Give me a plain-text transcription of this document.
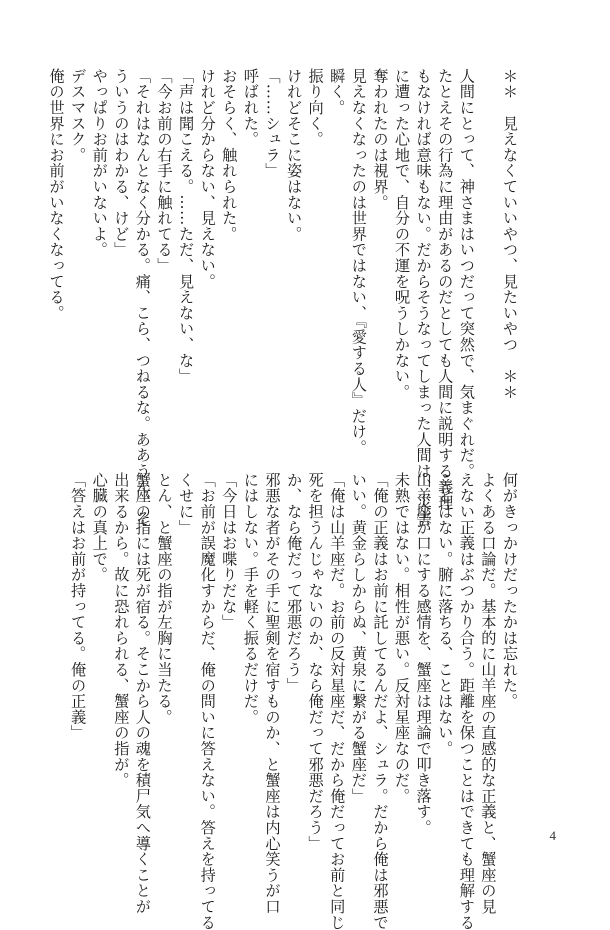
＊＊　見えなくていいやつ、見たいやつ　＊＊

人間にとって、神さまはいつだって突然で、気まぐれだ。
たとえその行為に理由があるのだとしても人間に説明する義理
もなければ意味もない。だからそうなってしまった人間は、災害
に遭った心地で、自分の不運を呪うしかない。
奪われたのは視界。
見えなくなったのは世界ではない、『愛する人』だけ。
瞬く。
振り向く。
けれどそこに姿はない。
「……シュラ」
呼ばれた。
おそらく、触れられた。
けれど分からない、見えない。
「声は聞こえる。……ただ、見えない、な」
「今お前の右手に触れてる」
「それはなんとなく分かる。痛、こら、つねるな。ああうん、そ
ういうのはわかる、けど」
やっぱりお前がいないよ。
デスマスク。
俺の世界にお前がいなくなってる。
何がきっかけだったかは忘れた。
よくある口論だ。基本的に山羊座の直感的な正義と、蟹座の見
えない正義はぶつかり合う。距離を保つことはできても理解する
ことはない。腑に落ちる、ことはない。
山羊座が口にする感情を、蟹座は理論で叩き落す。
未熟ではない。相性が悪い。反対星座なのだ。
「俺の正義はお前に託してるんだよ、シュラ。だから俺は邪悪で
いい。黄金らしからぬ、黄泉に繋がる蟹座だ」
「俺は山羊座だ。お前の反対星座だ、だから俺だってお前と同じ
死を担うんじゃないのか、なら俺だって邪悪だろう」
か、なら俺だって邪悪だろう」
邪悪な者がその手に聖剣を宿すものか、と蟹座は内心笑うが口
にはしない。手を軽く振るだけだ。
「今日はお喋りだな」
「お前が誤魔化すからだ、俺の問いに答えない。答えを持ってる
くせに」
とん、と蟹座の指が左胸に当たる。
蟹座の指には死が宿る。そこから人の魂を積尸気へ導くことが
出来るから。故に恐れられる、蟹座の指が。
心臓の真上で。
「答えはお前が持ってる。俺の正義」
4
